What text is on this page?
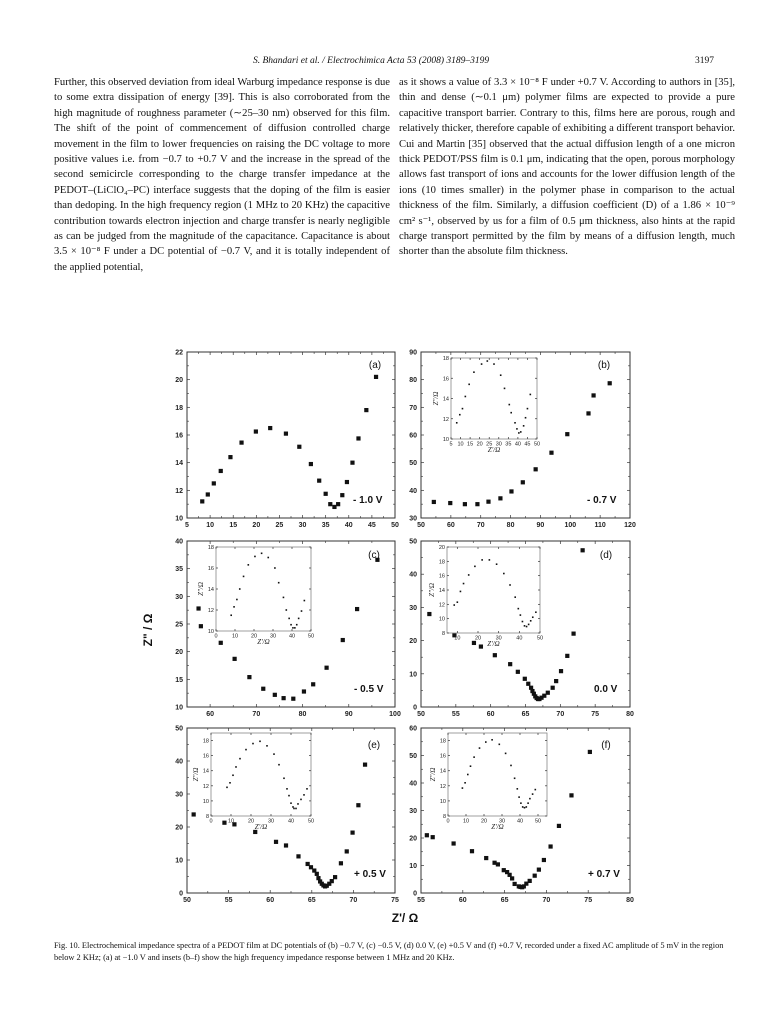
S. Bhandari et al. / Electrochimica Acta 53 (2008) 3189–3199	3197

Further, this observed deviation from ideal Warburg impedance response is due to some extra dissipation of energy [39]. This is also corroborated from the high magnitude of roughness parameter (∼25–30 nm) observed for this film. The shift of the point of commencement of diffusion controlled charge movement in the film to lower frequencies on raising the DC voltage to more positive values i.e. from −0.7 to +0.7 V and the increase in the spread of the second semicircle corresponding to the charge transfer impedance at the PEDOT–(LiClO₄–PC) interface suggests that the doping of the film is easier than dedoping. In the high frequency region (1 MHz to 20 KHz) the capacitive contribution towards electron injection and charge transfer is nearly negligible as can be judged from the magnitude of the capacitance. Capacitance is about 3.5 × 10⁻⁸ F under a DC potential of −0.7 V, and it is totally independent of the applied potential,

as it shows a value of 3.3 × 10⁻⁸ F under +0.7 V. According to authors in [35], thin and dense (∼0.1 μm) polymer films are expected to provide a pure capacitive transport barrier. Contrary to this, films here are porous, rough and relatively thicker, therefore capable of exhibiting a different transport behavior. Cui and Martin [35] observed that the actual diffusion length of a one micron thick PEDOT/PSS film is 0.1 μm, indicating that the open, porous morphology allows fast transport of ions and accounts for the lower diffusion length of the ions (10 times smaller) in the polymer phase in comparison to the actual thickness of the film. Similarly, a diffusion coefficient (D) of a 1.86 × 10⁻⁹ cm² s⁻¹, observed by us for a film of 0.5 μm thickness, also hints at the rapid charge transport permitted by the film by means of a diffusion length, much shorter than the absolute film thickness.

5 10 15 20 25 30 35 40 45 50
10
12
14
16
18
20
22
(a)
- 1.0 V
50	60	70	80	90	100	110	120
30
40
50
60
70
80
90
(b)
- 0.7 V
5 10 15 20 25 30 35 40 45 50
10
12
14
16
18
Z'/Ω
Z"/Ω
60	70	80	90	100
10
15
20
25
30
35
40
(c)
- 0.5 V
0	10 20 30 40 50
10
12
14
16
18
Z'/Ω
Z"/Ω
50	55	60	65	70	75	80
0
10
20
30
40
50
(d)
0.0 V
10	20	30	40	50
8
10
12
14
16
18
20
Z'/Ω
Z"/Ω
50	55	60	65	70	75
0
10
20
30
40
50
(e)
+ 0.5 V
0	10	20	30	40	50
8
10
12
14
16
18
Z'/Ω
Z"/Ω
55	60	65	70	75	80
0
10
20
30
40
50
60
(f)
+ 0.7 V
0 10 20 30 40 50
8
10
12
14
16
18
Z'/Ω
Z"/Ω
Z" / Ω
Z'/ Ω
Fig. 10. Electrochemical impedance spectra of a PEDOT film at DC potentials of (b) −0.7 V, (c) −0.5 V, (d) 0.0 V, (e) +0.5 V and (f) +0.7 V, recorded under a fixed AC amplitude of 5 mV in the region below 2 KHz; (a) at −1.0 V and insets (b–f) show the high frequency impedance response between 1 MHz and 20 KHz.
